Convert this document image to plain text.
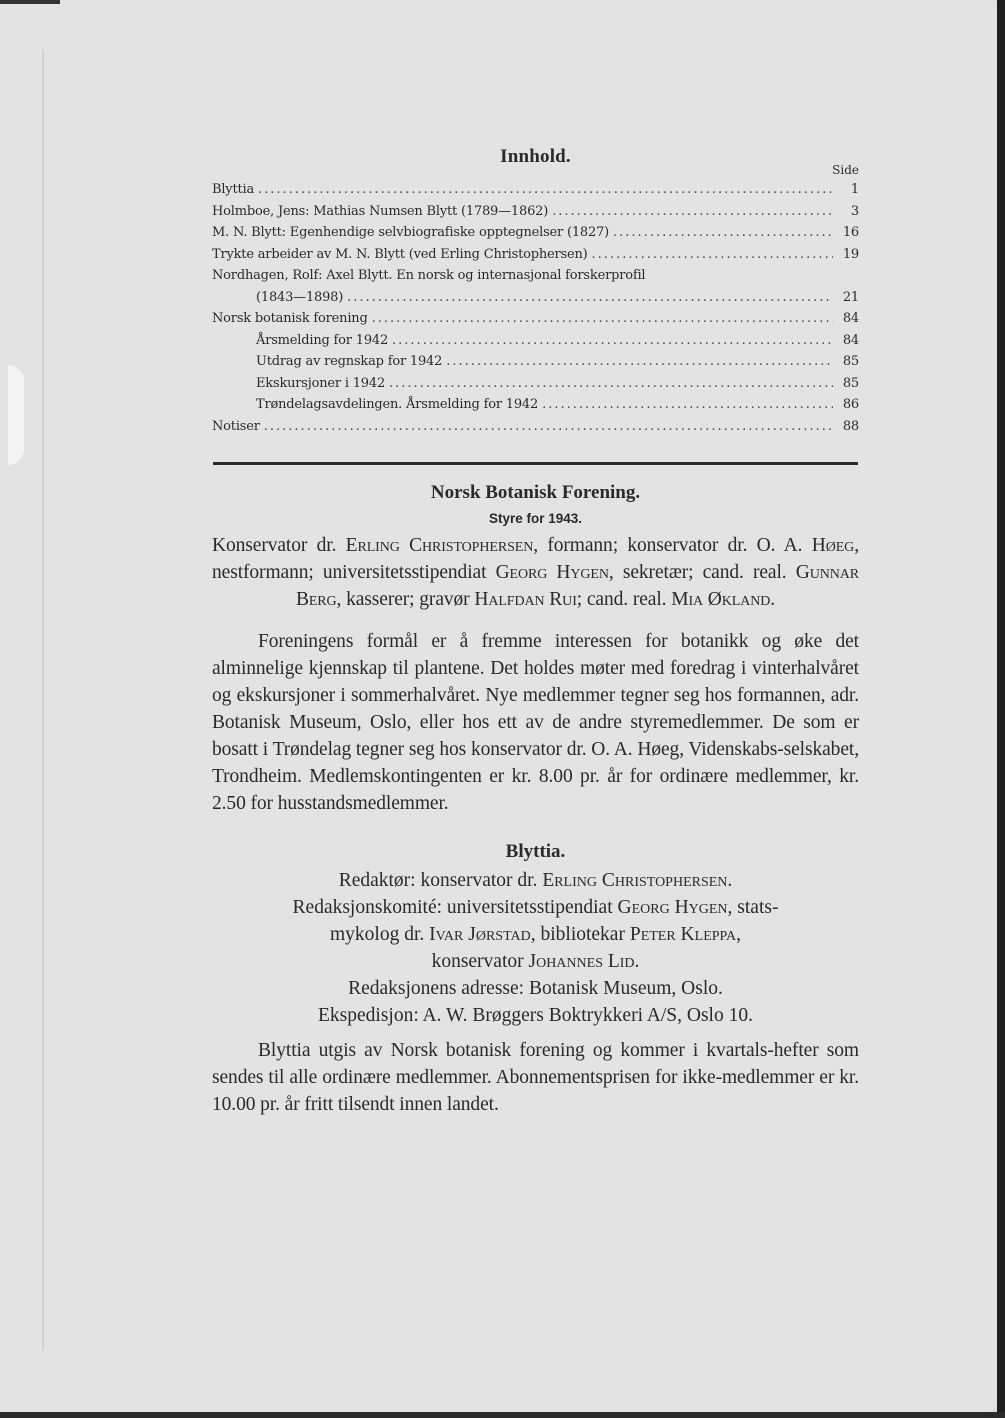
Innhold.
Side
Blyttia .....	1
Holmboe, Jens: Mathias Numsen Blytt (1789—1862) .....	3
M. N. Blytt: Egenhendige selvbiografiske opptegnelser (1827) .....	16
Trykte arbeider av M. N. Blytt (ved Erling Christophersen) .....	19
Nordhagen, Rolf: Axel Blytt. En norsk og internasjonal forskerprofil
(1843—1898) .....	21
Norsk botanisk forening .....	84
Årsmelding for 1942 .....	84
Utdrag av regnskap for 1942 .....	85
Ekskursjoner i 1942 .....	85
Trøndelagsavdelingen. Årsmelding for 1942 .....	86
Notiser .....	88
Norsk Botanisk Forening.
Styre for 1943.
Konservator dr. Erling Christophersen, formann; konservator dr. O. A. Høeg, nestformann; universitetsstipendiat Georg Hygen, sekretær; cand. real. Gunnar Berg, kasserer; gravør Halfdan Rui; cand. real. Mia Økland.
Foreningens formål er å fremme interessen for botanikk og øke det alminnelige kjennskap til plantene. Det holdes møter med foredrag i vinterhalvåret og ekskursjoner i sommerhalvåret. Nye medlemmer tegner seg hos formannen, adr. Botanisk Museum, Oslo, eller hos ett av de andre styremedlemmer. De som er bosatt i Trøndelag tegner seg hos konservator dr. O. A. Høeg, Videnskabs-selskabet, Trondheim. Medlemskontingenten er kr. 8.00 pr. år for ordinære medlemmer, kr. 2.50 for husstandsmedlemmer.
Blyttia.
Redaktør: konservator dr. Erling Christophersen.
Redaksjonskomité: universitetsstipendiat Georg Hygen, stats-
mykolog dr. Ivar Jørstad, bibliotekar Peter Kleppa,
konservator Johannes Lid.
Redaksjonens adresse: Botanisk Museum, Oslo.
Ekspedisjon: A. W. Brøggers Boktrykkeri A/S, Oslo 10.
Blyttia utgis av Norsk botanisk forening og kommer i kvartals-hefter som sendes til alle ordinære medlemmer. Abonnementsprisen for ikke-medlemmer er kr. 10.00 pr. år fritt tilsendt innen landet.
